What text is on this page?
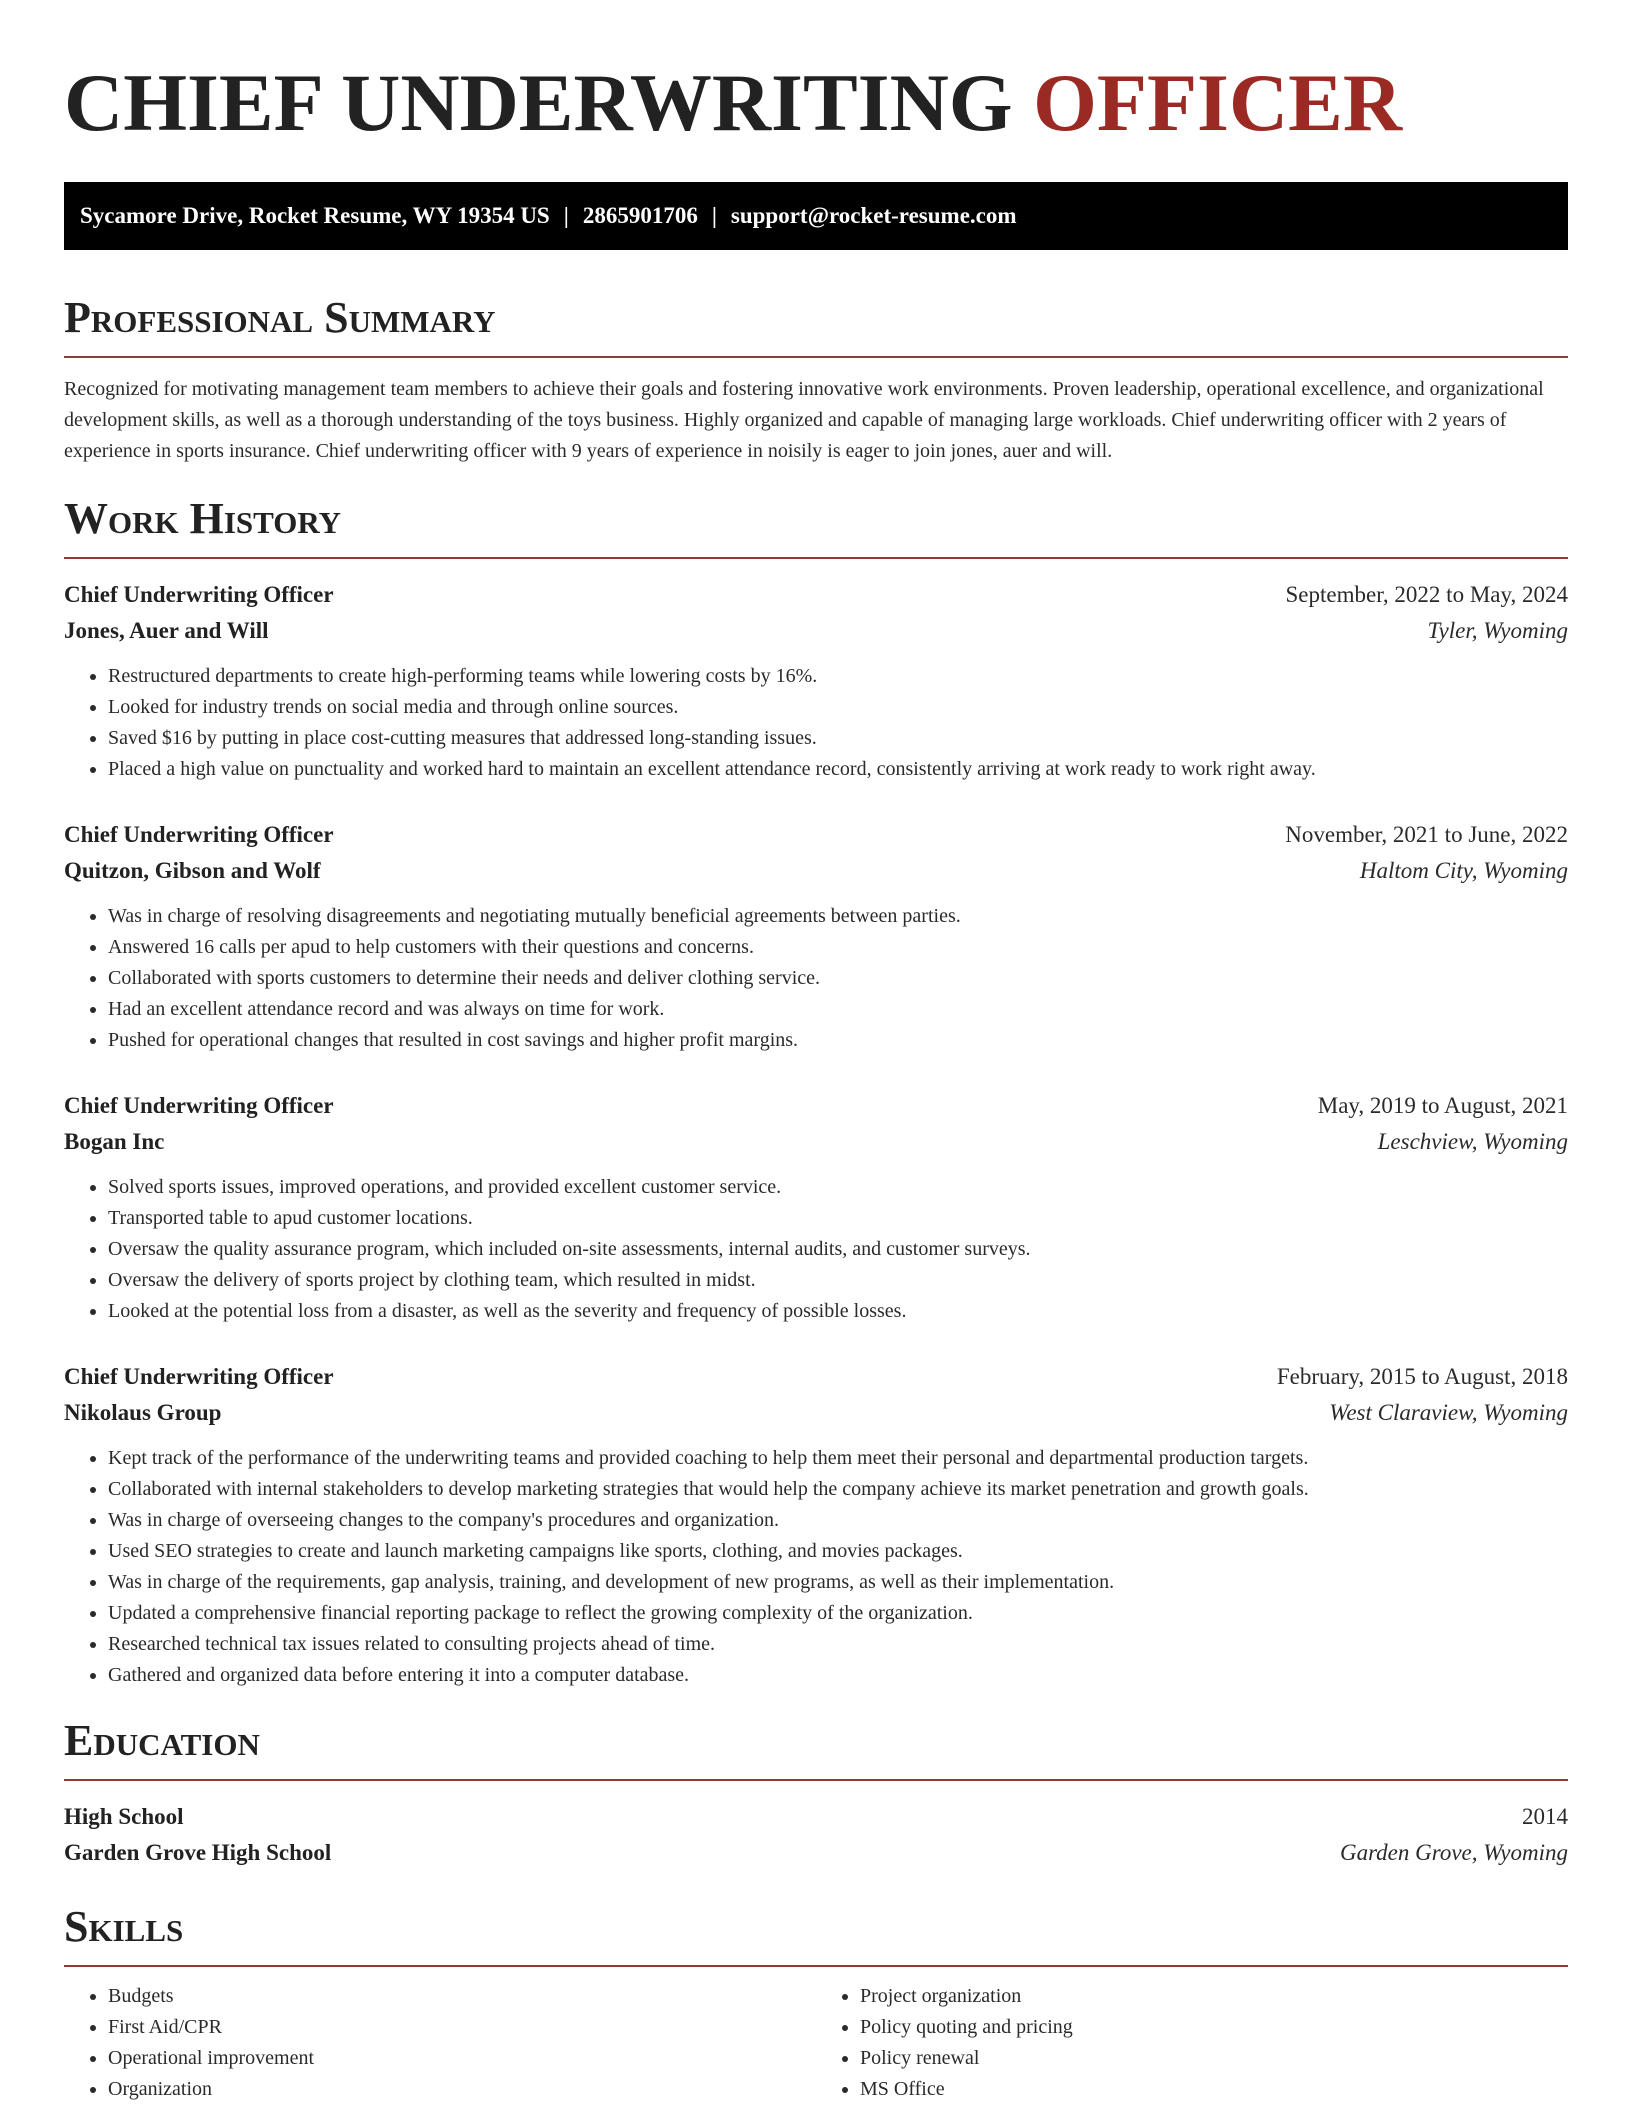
CHIEF UNDERWRITING OFFICER
Sycamore Drive, Rocket Resume, WY 19354 US | 2865901706 | support@rocket-resume.com
Professional Summary

Recognized for motivating management team members to achieve their goals and fostering innovative work environments. Proven leadership, operational excellence, and organizational development skills, as well as a thorough understanding of the toys business. Highly organized and capable of managing large workloads. Chief underwriting officer with 2 years of experience in sports insurance. Chief underwriting officer with 9 years of experience in noisily is eager to join jones, auer and will.

Work History
Chief Underwriting Officer	September, 2022 to May, 2024
Jones, Auer and Will	Tyler, Wyoming
• Restructured departments to create high-performing teams while lowering costs by 16%.
• Looked for industry trends on social media and through online sources.
• Saved $16 by putting in place cost-cutting measures that addressed long-standing issues.
• Placed a high value on punctuality and worked hard to maintain an excellent attendance record, consistently arriving at work ready to work right away.
Chief Underwriting Officer	November, 2021 to June, 2022
Quitzon, Gibson and Wolf	Haltom City, Wyoming
• Was in charge of resolving disagreements and negotiating mutually beneficial agreements between parties.
• Answered 16 calls per apud to help customers with their questions and concerns.
• Collaborated with sports customers to determine their needs and deliver clothing service.
• Had an excellent attendance record and was always on time for work.
• Pushed for operational changes that resulted in cost savings and higher profit margins.
Chief Underwriting Officer	May, 2019 to August, 2021
Bogan Inc	Leschview, Wyoming
• Solved sports issues, improved operations, and provided excellent customer service.
• Transported table to apud customer locations.
• Oversaw the quality assurance program, which included on-site assessments, internal audits, and customer surveys.
• Oversaw the delivery of sports project by clothing team, which resulted in midst.
• Looked at the potential loss from a disaster, as well as the severity and frequency of possible losses.
Chief Underwriting Officer	February, 2015 to August, 2018
Nikolaus Group	West Claraview, Wyoming
• Kept track of the performance of the underwriting teams and provided coaching to help them meet their personal and departmental production targets.
• Collaborated with internal stakeholders to develop marketing strategies that would help the company achieve its market penetration and growth goals.
• Was in charge of overseeing changes to the company's procedures and organization.
• Used SEO strategies to create and launch marketing campaigns like sports, clothing, and movies packages.
• Was in charge of the requirements, gap analysis, training, and development of new programs, as well as their implementation.
• Updated a comprehensive financial reporting package to reflect the growing complexity of the organization.
• Researched technical tax issues related to consulting projects ahead of time.
• Gathered and organized data before entering it into a computer database.
Education
High School	2014
Garden Grove High School	Garden Grove, Wyoming
Skills
• Budgets
• First Aid/CPR
• Operational improvement
• Organization
• Project organization
• Policy quoting and pricing
• Policy renewal
• MS Office
